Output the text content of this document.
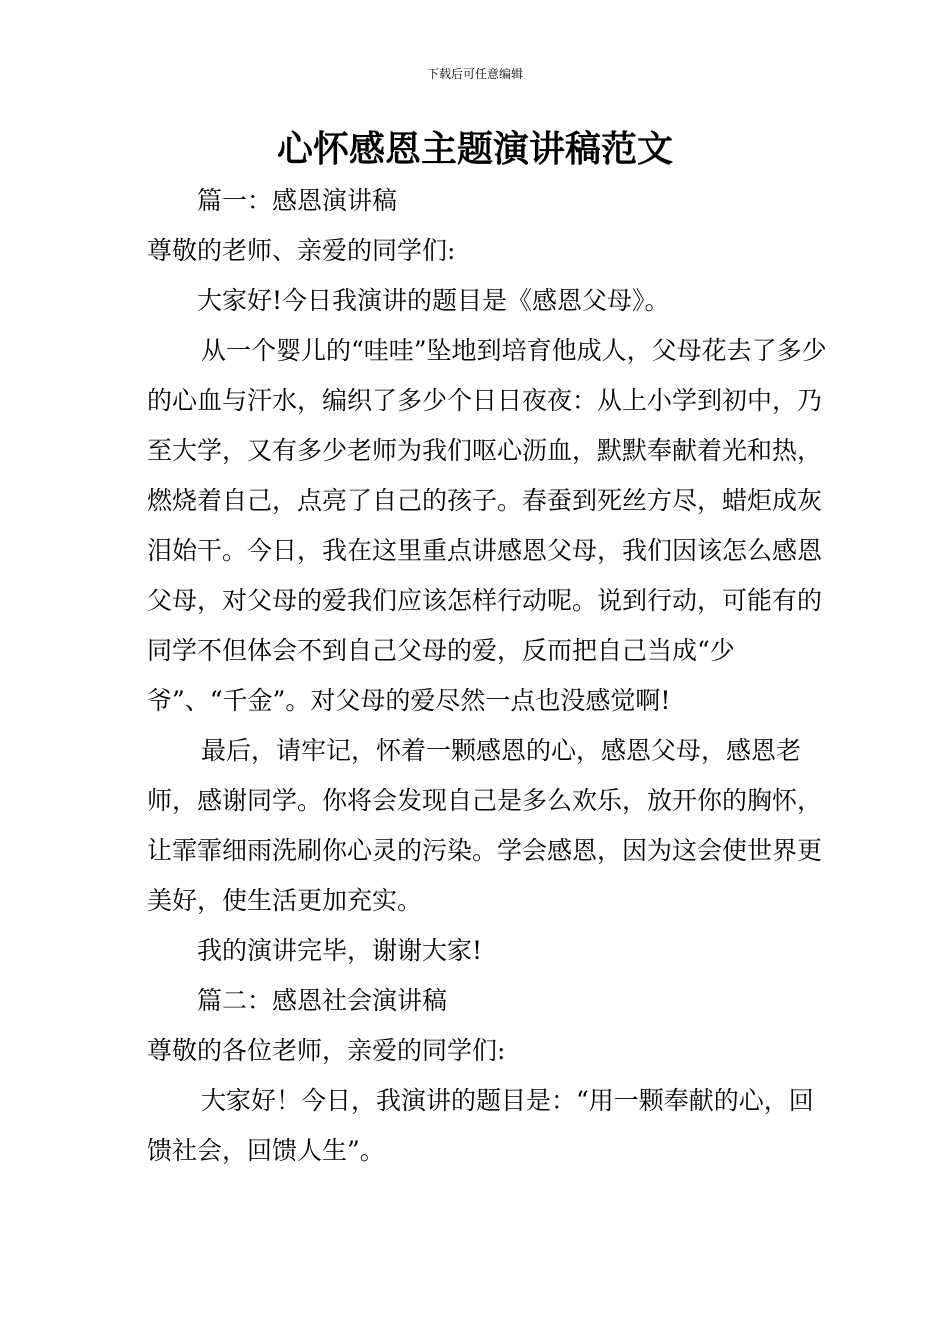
下载后可任意编辑
心怀感恩主题演讲稿范文

篇一：感恩演讲稿

尊敬的老师、亲爱的同学们:

大家好!今日我演讲的题目是《感恩父母》。

从一个婴儿的“哇哇”坠地到培育他成人，父母花去了多少的心血与汗水，编织了多少个日日夜夜：从上小学到初中，乃至大学，又有多少老师为我们呕心沥血，默默奉献着光和热，燃烧着自己，点亮了自己的孩子。春蚕到死丝方尽，蜡炬成灰泪始干。今日，我在这里重点讲感恩父母，我们因该怎么感恩父母，对父母的爱我们应该怎样行动呢。说到行动，可能有的同学不但体会不到自己父母的爱，反而把自己当成“少爷”、“千金”。对父母的爱尽然一点也没感觉啊!

最后，请牢记，怀着一颗感恩的心，感恩父母，感恩老师，感谢同学。你将会发现自己是多么欢乐，放开你的胸怀，让霏霏细雨洗刷你心灵的污染。学会感恩，因为这会使世界更美好，使生活更加充实。

我的演讲完毕，谢谢大家!

篇二：感恩社会演讲稿

尊敬的各位老师，亲爱的同学们:

大家好！今日，我演讲的题目是：“用一颗奉献的心，回馈社会，回馈人生”。
